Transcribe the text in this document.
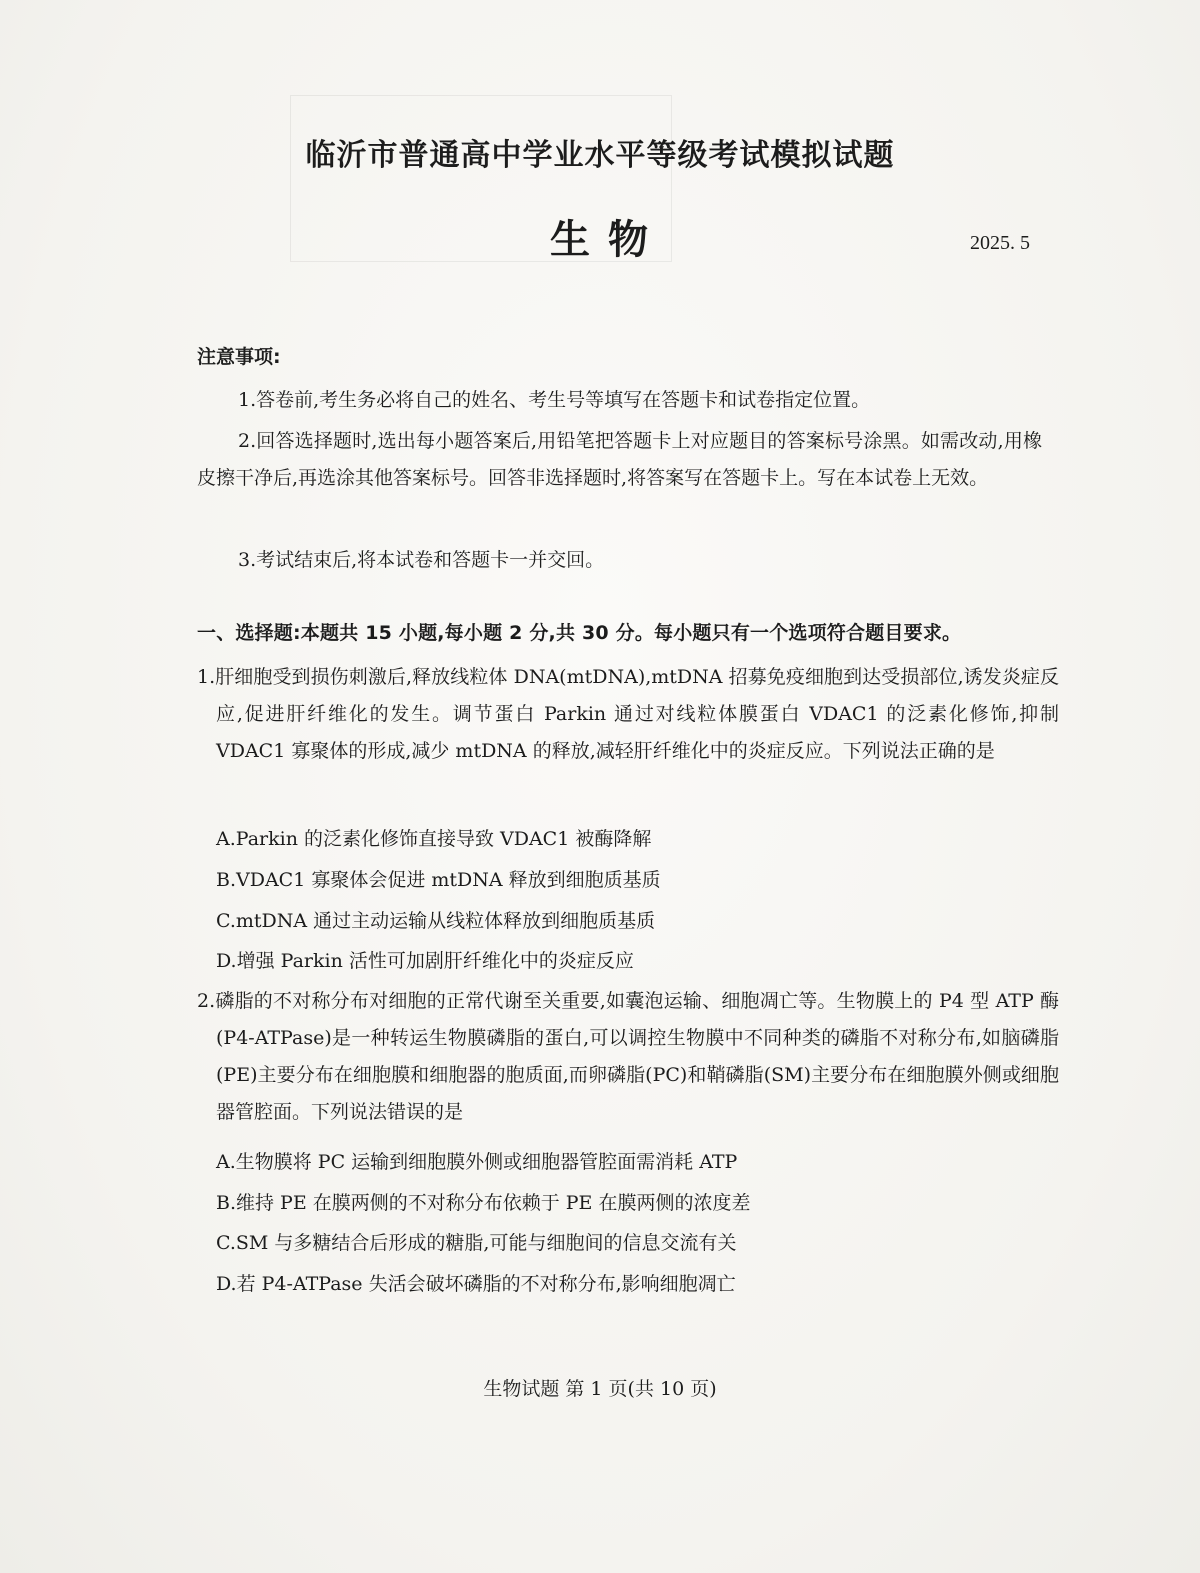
临沂市普通高中学业水平等级考试模拟试题
生 物	2025. 5
注意事项:
1.答卷前,考生务必将自己的姓名、考生号等填写在答题卡和试卷指定位置。
2.回答选择题时,选出每小题答案后,用铅笔把答题卡上对应题目的答案标号涂黑。如需改动,用橡皮擦干净后,再选涂其他答案标号。回答非选择题时,将答案写在答题卡上。写在本试卷上无效。
3.考试结束后,将本试卷和答题卡一并交回。
一、选择题:本题共 15 小题,每小题 2 分,共 30 分。每小题只有一个选项符合题目要求。
1.肝细胞受到损伤刺激后,释放线粒体 DNA(mtDNA),mtDNA 招募免疫细胞到达受损部位,诱发炎症反应,促进肝纤维化的发生。调节蛋白 Parkin 通过对线粒体膜蛋白 VDAC1 的泛素化修饰,抑制 VDAC1 寡聚体的形成,减少 mtDNA 的释放,减轻肝纤维化中的炎症反应。下列说法正确的是
A.Parkin 的泛素化修饰直接导致 VDAC1 被酶降解
B.VDAC1 寡聚体会促进 mtDNA 释放到细胞质基质
C.mtDNA 通过主动运输从线粒体释放到细胞质基质
D.增强 Parkin 活性可加剧肝纤维化中的炎症反应
2.磷脂的不对称分布对细胞的正常代谢至关重要,如囊泡运输、细胞凋亡等。生物膜上的 P4 型 ATP 酶(P4-ATPase)是一种转运生物膜磷脂的蛋白,可以调控生物膜中不同种类的磷脂不对称分布,如脑磷脂(PE)主要分布在细胞膜和细胞器的胞质面,而卵磷脂(PC)和鞘磷脂(SM)主要分布在细胞膜外侧或细胞器管腔面。下列说法错误的是
A.生物膜将 PC 运输到细胞膜外侧或细胞器管腔面需消耗 ATP
B.维持 PE 在膜两侧的不对称分布依赖于 PE 在膜两侧的浓度差
C.SM 与多糖结合后形成的糖脂,可能与细胞间的信息交流有关
D.若 P4-ATPase 失活会破坏磷脂的不对称分布,影响细胞凋亡
生物试题 第 1 页(共 10 页)
